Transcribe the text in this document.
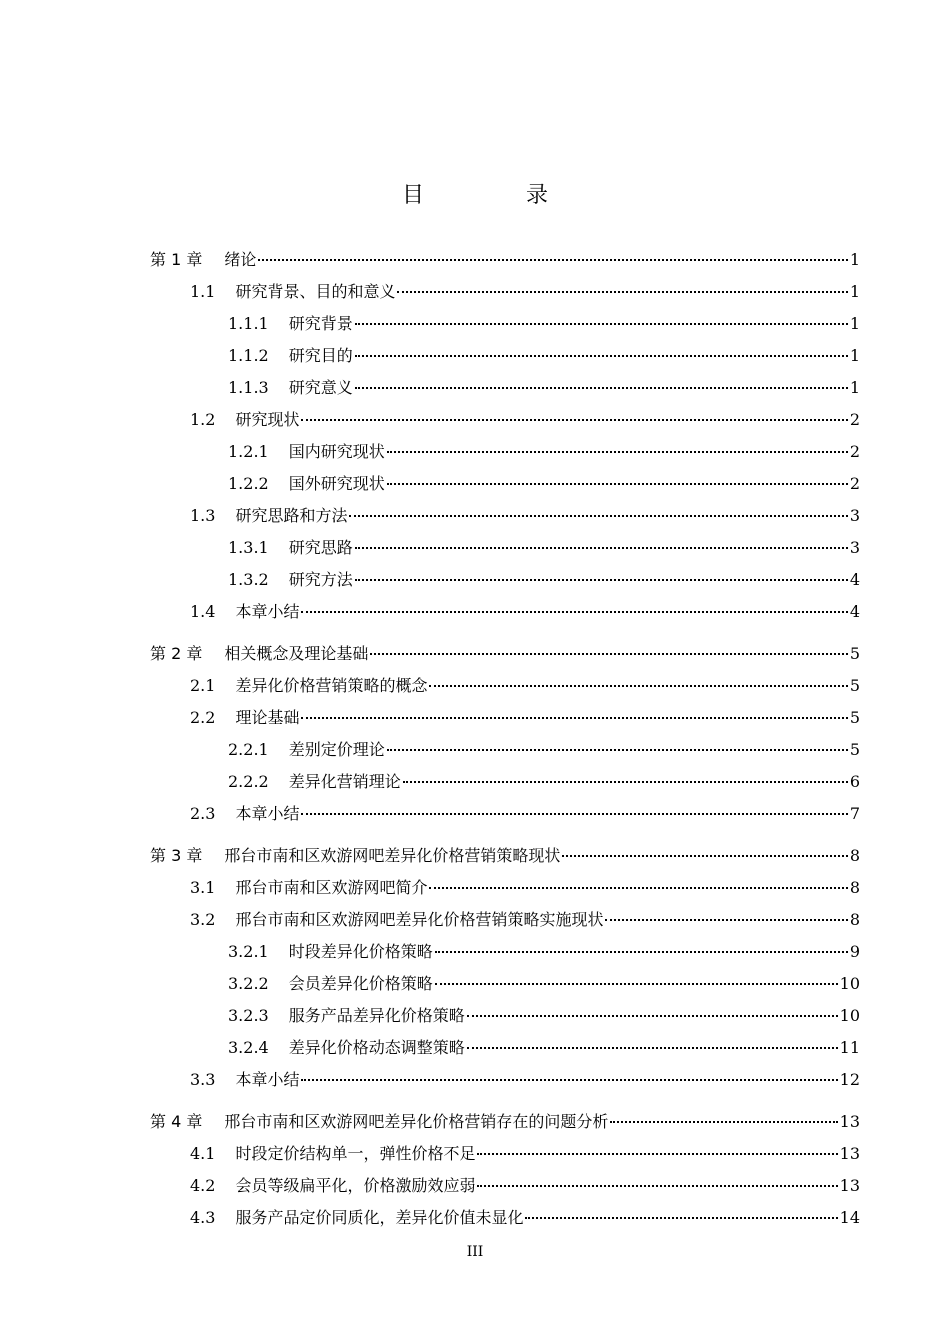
目　录
第 1 章 绪论	1
1.1 研究背景、目的和意义	1
1.1.1 研究背景	1
1.1.2 研究目的	1
1.1.3 研究意义	1
1.2 研究现状	2
1.2.1 国内研究现状	2
1.2.2 国外研究现状	2
1.3 研究思路和方法	3
1.3.1 研究思路	3
1.3.2 研究方法	4
1.4 本章小结	4
第 2 章 相关概念及理论基础	5
2.1 差异化价格营销策略的概念	5
2.2 理论基础	5
2.2.1 差别定价理论	5
2.2.2 差异化营销理论	6
2.3 本章小结	7
第 3 章 邢台市南和区欢游网吧差异化价格营销策略现状	8
3.1 邢台市南和区欢游网吧简介	8
3.2 邢台市南和区欢游网吧差异化价格营销策略实施现状	8
3.2.1 时段差异化价格策略	9
3.2.2 会员差异化价格策略	10
3.2.3 服务产品差异化价格策略	10
3.2.4 差异化价格动态调整策略	11
3.3 本章小结	12
第 4 章 邢台市南和区欢游网吧差异化价格营销存在的问题分析	13
4.1 时段定价结构单一，弹性价格不足	13
4.2 会员等级扁平化，价格激励效应弱	13
4.3 服务产品定价同质化，差异化价值未显化	14
III
